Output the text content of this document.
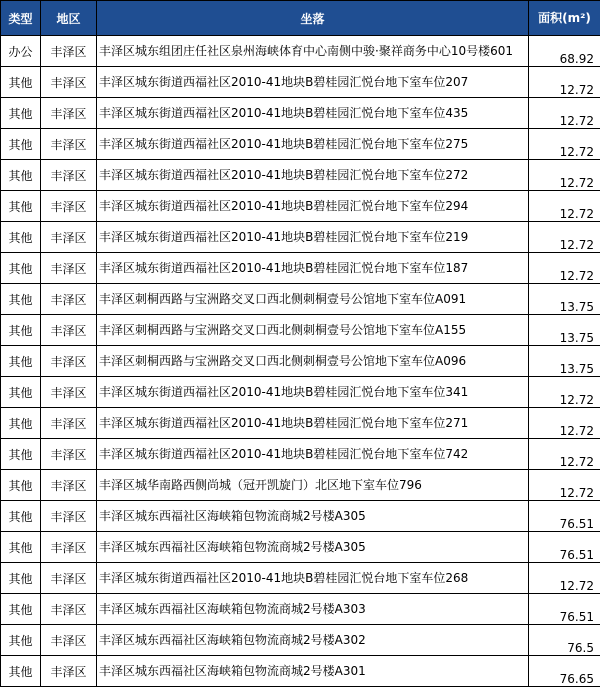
类型	地区	坐落	面积(m²)
办公	丰泽区	丰泽区城东组团庄任社区泉州海峡体育中心南侧中骏·聚祥商务中心10号楼601	68.92
其他	丰泽区	丰泽区城东街道西福社区2010-41地块B碧桂园汇悦台地下室车位207	12.72
其他	丰泽区	丰泽区城东街道西福社区2010-41地块B碧桂园汇悦台地下室车位435	12.72
其他	丰泽区	丰泽区城东街道西福社区2010-41地块B碧桂园汇悦台地下室车位275	12.72
其他	丰泽区	丰泽区城东街道西福社区2010-41地块B碧桂园汇悦台地下室车位272	12.72
其他	丰泽区	丰泽区城东街道西福社区2010-41地块B碧桂园汇悦台地下室车位294	12.72
其他	丰泽区	丰泽区城东街道西福社区2010-41地块B碧桂园汇悦台地下室车位219	12.72
其他	丰泽区	丰泽区城东街道西福社区2010-41地块B碧桂园汇悦台地下室车位187	12.72
其他	丰泽区	丰泽区刺桐西路与宝洲路交叉口西北侧刺桐壹号公馆地下室车位A091	13.75
其他	丰泽区	丰泽区刺桐西路与宝洲路交叉口西北侧刺桐壹号公馆地下室车位A155	13.75
其他	丰泽区	丰泽区刺桐西路与宝洲路交叉口西北侧刺桐壹号公馆地下室车位A096	13.75
其他	丰泽区	丰泽区城东街道西福社区2010-41地块B碧桂园汇悦台地下室车位341	12.72
其他	丰泽区	丰泽区城东街道西福社区2010-41地块B碧桂园汇悦台地下室车位271	12.72
其他	丰泽区	丰泽区城东街道西福社区2010-41地块B碧桂园汇悦台地下室车位742	12.72
其他	丰泽区	丰泽区城华南路西侧尚城（冠开凯旋门）北区地下室车位796	12.72
其他	丰泽区	丰泽区城东西福社区海峡箱包物流商城2号楼A305	76.51
其他	丰泽区	丰泽区城东西福社区海峡箱包物流商城2号楼A305	76.51
其他	丰泽区	丰泽区城东街道西福社区2010-41地块B碧桂园汇悦台地下室车位268	12.72
其他	丰泽区	丰泽区城东西福社区海峡箱包物流商城2号楼A303	76.51
其他	丰泽区	丰泽区城东西福社区海峡箱包物流商城2号楼A302	76.5
其他	丰泽区	丰泽区城东西福社区海峡箱包物流商城2号楼A301	76.65
